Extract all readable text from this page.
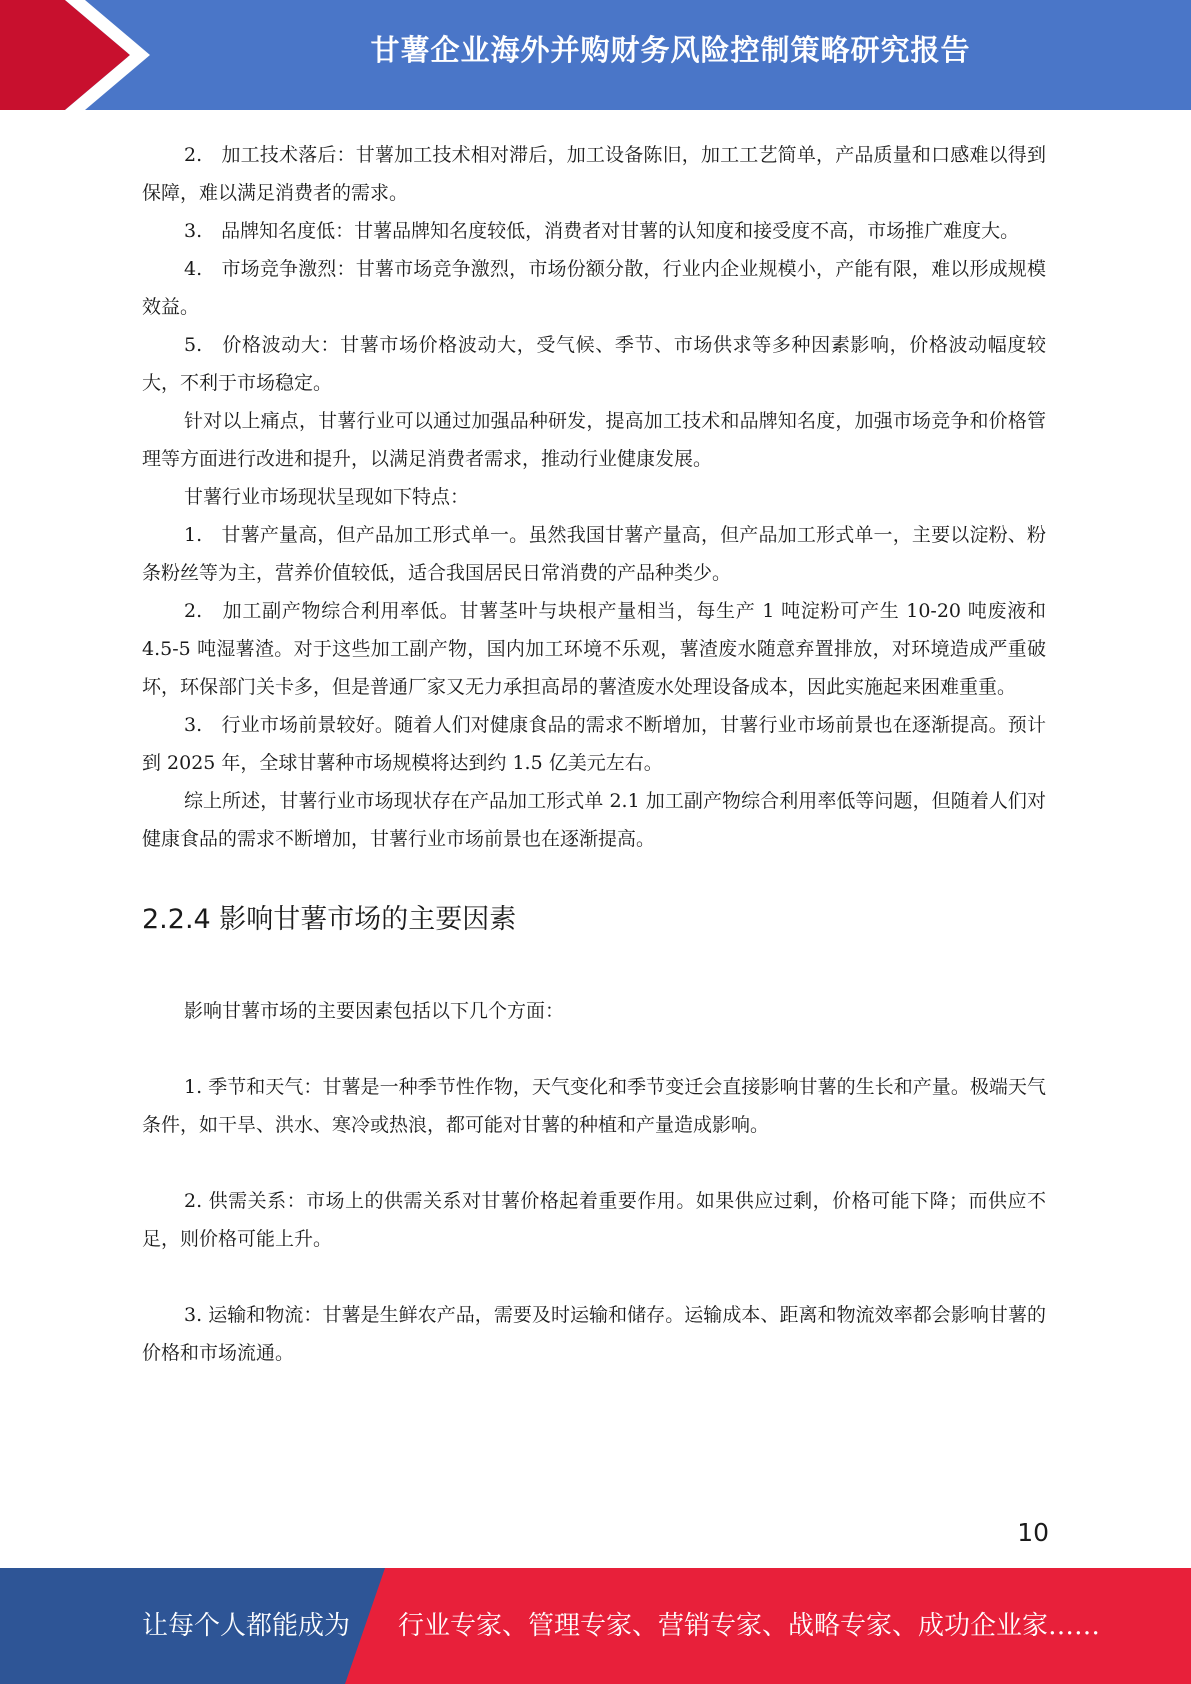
甘薯企业海外并购财务风险控制策略研究报告

2.　加工技术落后：甘薯加工技术相对滞后，加工设备陈旧，加工工艺简单，产品质量和口感难以得到保障，难以满足消费者的需求。

3.　品牌知名度低：甘薯品牌知名度较低，消费者对甘薯的认知度和接受度不高，市场推广难度大。

4.　市场竞争激烈：甘薯市场竞争激烈，市场份额分散，行业内企业规模小，产能有限，难以形成规模效益。

5.　价格波动大：甘薯市场价格波动大，受气候、季节、市场供求等多种因素影响，价格波动幅度较大，不利于市场稳定。

针对以上痛点，甘薯行业可以通过加强品种研发，提高加工技术和品牌知名度，加强市场竞争和价格管理等方面进行改进和提升，以满足消费者需求，推动行业健康发展。

甘薯行业市场现状呈现如下特点：

1.　甘薯产量高，但产品加工形式单一。虽然我国甘薯产量高，但产品加工形式单一，主要以淀粉、粉条粉丝等为主，营养价值较低，适合我国居民日常消费的产品种类少。

2.　加工副产物综合利用率低。甘薯茎叶与块根产量相当，每生产 1 吨淀粉可产生 10-20 吨废液和 4.5-5 吨湿薯渣。对于这些加工副产物，国内加工环境不乐观，薯渣废水随意弃置排放，对环境造成严重破坏，环保部门关卡多，但是普通厂家又无力承担高昂的薯渣废水处理设备成本，因此实施起来困难重重。

3.　行业市场前景较好。随着人们对健康食品的需求不断增加，甘薯行业市场前景也在逐渐提高。预计到 2025 年，全球甘薯种市场规模将达到约 1.5 亿美元左右。

综上所述，甘薯行业市场现状存在产品加工形式单 2.1 加工副产物综合利用率低等问题，但随着人们对健康食品的需求不断增加，甘薯行业市场前景也在逐渐提高。

2.2.4 影响甘薯市场的主要因素

影响甘薯市场的主要因素包括以下几个方面：

1. 季节和天气：甘薯是一种季节性作物，天气变化和季节变迁会直接影响甘薯的生长和产量。极端天气条件，如干旱、洪水、寒冷或热浪，都可能对甘薯的种植和产量造成影响。

2. 供需关系：市场上的供需关系对甘薯价格起着重要作用。如果供应过剩，价格可能下降；而供应不足，则价格可能上升。

3. 运输和物流：甘薯是生鲜农产品，需要及时运输和储存。运输成本、距离和物流效率都会影响甘薯的价格和市场流通。

10
让每个人都能成为 行业专家、管理专家、营销专家、战略专家、成功企业家……
